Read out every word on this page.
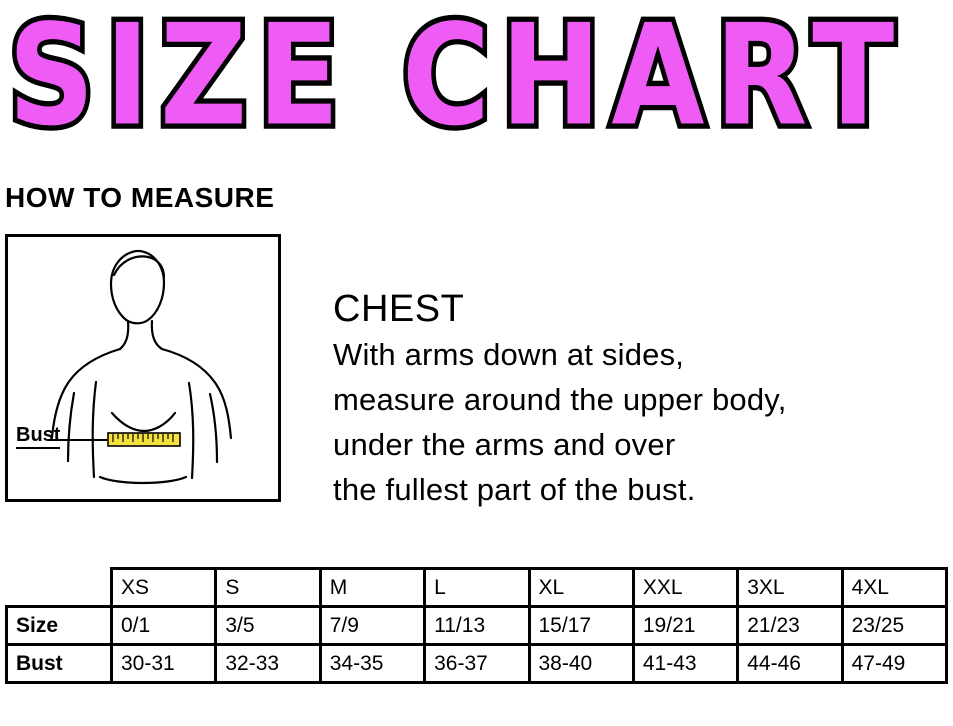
SIZE CHART
HOW TO MEASURE
Bust
CHEST
With arms down at sides,
measure around the upper body,
under the arms and over
the fullest part of the bust.
	XS	S	M	L	XL	XXL	3XL	4XL
Size	0/1	3/5	7/9	11/13	15/17	19/21	21/23	23/25
Bust	30-31	32-33	34-35	36-37	38-40	41-43	44-46	47-49
